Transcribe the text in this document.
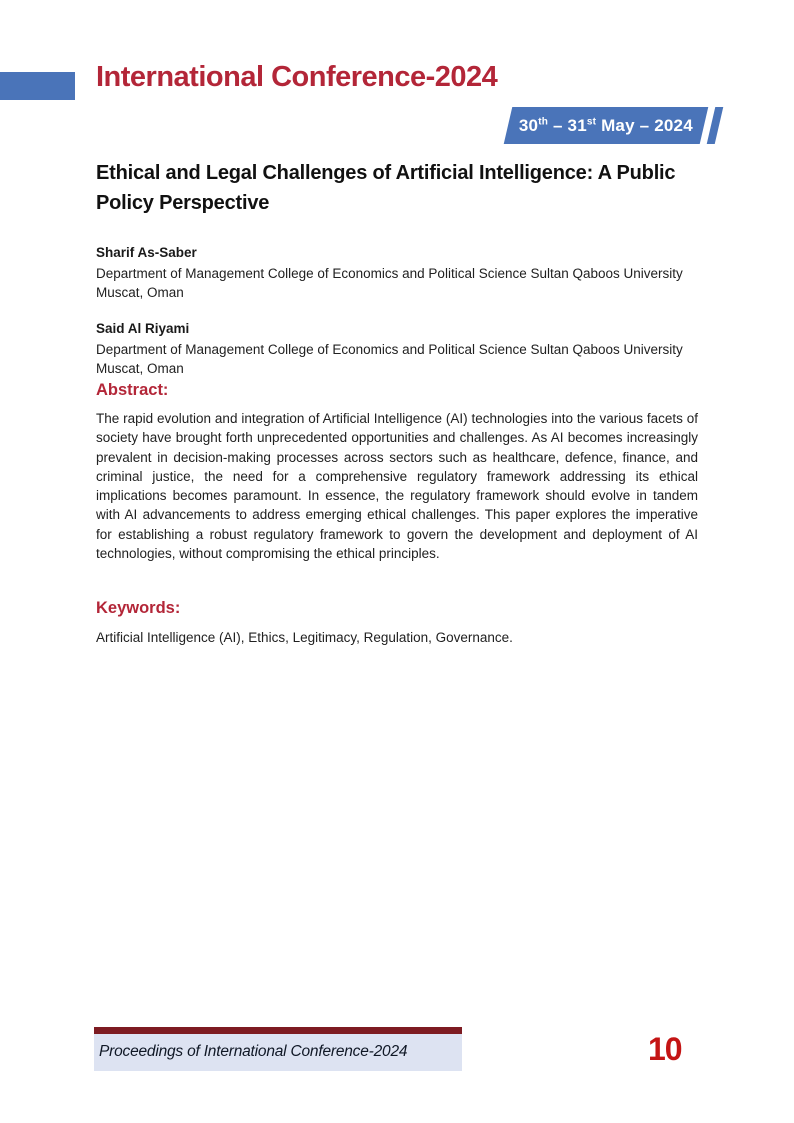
International Conference-2024
30th – 31st May – 2024
Ethical and Legal Challenges of Artificial Intelligence: A Public Policy Perspective
Sharif As-Saber
Department of Management College of Economics and Political Science Sultan Qaboos University Muscat, Oman
Said Al Riyami
Department of Management College of Economics and Political Science Sultan Qaboos University Muscat, Oman
Abstract:

The rapid evolution and integration of Artificial Intelligence (AI) technologies into the various facets of society have brought forth unprecedented opportunities and challenges. As AI becomes increasingly prevalent in decision-making processes across sectors such as healthcare, defence, finance, and criminal justice, the need for a comprehensive regulatory framework addressing its ethical implications becomes paramount. In essence, the regulatory framework should evolve in tandem with AI advancements to address emerging ethical challenges. This paper explores the imperative for establishing a robust regulatory framework to govern the development and deployment of AI technologies, without compromising the ethical principles.

Keywords:

Artificial Intelligence (AI), Ethics, Legitimacy, Regulation, Governance.

Proceedings of International Conference-2024	10
